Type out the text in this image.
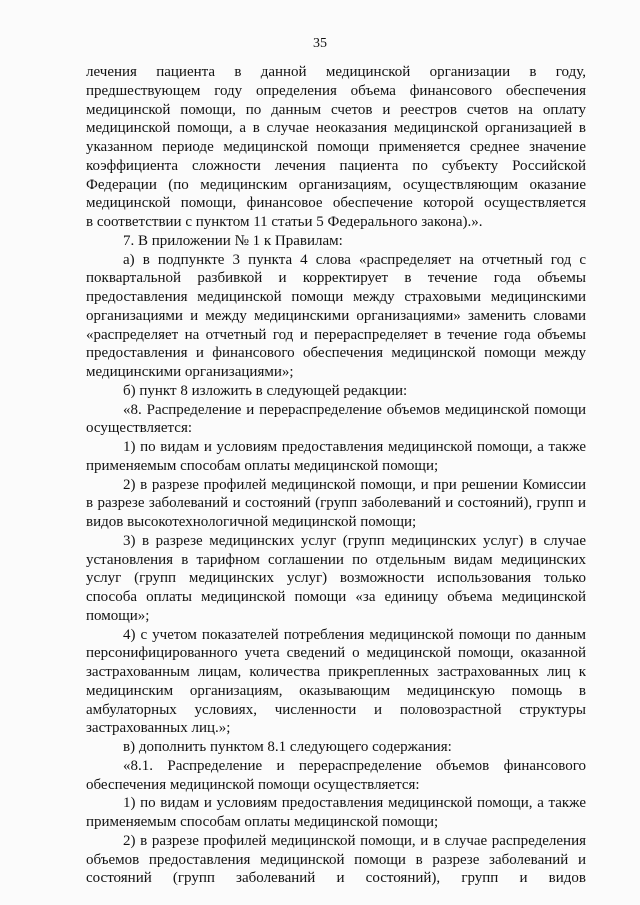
35
лечения пациента в данной медицинской организации в году,
предшествующем году определения объема финансового обеспечения
медицинской помощи, по данным счетов и реестров счетов на оплату
медицинской помощи, а в случае неоказания медицинской организацией в
указанном периоде медицинской помощи применяется среднее значение
коэффициента сложности лечения пациента по субъекту Российской
Федерации (по медицинским организациям, осуществляющим оказание
медицинской помощи, финансовое обеспечение которой осуществляется
в соответствии с пунктом 11 статьи 5 Федерального закона).».
7. В приложении № 1 к Правилам:
а) в подпункте 3 пункта 4 слова «распределяет на отчетный год с
поквартальной разбивкой и корректирует в течение года объемы
предоставления медицинской помощи между страховыми медицинскими
организациями и между медицинскими организациями» заменить словами
«распределяет на отчетный год и перераспределяет в течение года объемы
предоставления и финансового обеспечения медицинской помощи между
медицинскими организациями»;
б) пункт 8 изложить в следующей редакции:
«8. Распределение и перераспределение объемов медицинской помощи
осуществляется:
1) по видам и условиям предоставления медицинской помощи, а также
применяемым способам оплаты медицинской помощи;
2) в разрезе профилей медицинской помощи, и при решении Комиссии
в разрезе заболеваний и состояний (групп заболеваний и состояний), групп и
видов высокотехнологичной медицинской помощи;
3) в разрезе медицинских услуг (групп медицинских услуг) в случае
установления в тарифном соглашении по отдельным видам медицинских
услуг (групп медицинских услуг) возможности использования только
способа оплаты медицинской помощи «за единицу объема медицинской
помощи»;
4) с учетом показателей потребления медицинской помощи по данным
персонифицированного учета сведений о медицинской помощи, оказанной
застрахованным лицам, количества прикрепленных застрахованных лиц к
медицинским организациям, оказывающим медицинскую помощь в
амбулаторных условиях, численности и половозрастной структуры
застрахованных лиц.»;
в) дополнить пунктом 8.1 следующего содержания:
«8.1. Распределение и перераспределение объемов финансового
обеспечения медицинской помощи осуществляется:
1) по видам и условиям предоставления медицинской помощи, а также
применяемым способам оплаты медицинской помощи;
2) в разрезе профилей медицинской помощи, и в случае распределения
объемов предоставления медицинской помощи в разрезе заболеваний и
состояний (групп заболеваний и состояний), групп и видов
